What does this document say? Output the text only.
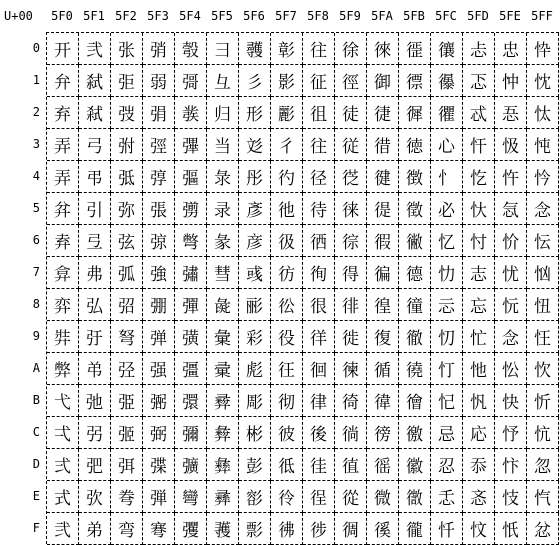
U+00	5F0 5F1 5F2 5F3 5F4 5F5 5F6 5F7 5F8 5F9 5FA 5FB 5FC 5FD 5FE 5FF
0
1
2
3
4
5
6
7
8
9
A
B
C
D
E
F
开 弐 张 弰 彀 彐 彠 彰 往 徐 徠 徰 忀 忐 忠 忰
弁 弑 弡 弱 彁 彑 彡 影 征 徑 御 徱 忁 忑 忡 忱
弃 弒 弢 弲 彂 归 形 彲 徂 徒 徢 徲 忂 忒 忢 忲
弄 弓 弣 弳 彃 当 彣 彳 往 従 徣 徳 心 忓 忣 忳
弄 弔 弤 弴 彄 彔 彤 彴 径 徔 徤 徴 忄 忔 忤 忴
弅 引 弥 張 彅 录 彥 彵 待 徕 徥 徵 必 忕 忥 念
弆 弖 弦 弶 彆 彖 彦 彶 徆 徖 徦 徶 忆 忖 忦 忶
弇 弗 弧 強 彇 彗 彧 彷 徇 得 徧 德 忇 志 忧 忷
弈 弘 弨 弸 彈 彘 彨 彸 很 徘 徨 徸 忈 忘 忨 忸
弉 弙 弩 弹 彉 彙 彩 役 徉 徙 復 徹 忉 忙 念 忹
弊 弚 弪 强 彊 彚 彪 彺 徊 徚 循 徺 忊 忚 忪 忺
弋 弛 弫 弻 彋 彛 彫 彻 律 徛 徫 徻 忋 忛 快 忻
弌 弜 弬 弼 彌 彜 彬 彼 後 徜 徬 徼 忌 応 忬 忼
弍 弝 弭 弽 彍 彝 彭 彽 徍 徝 徭 徽 忍 忝 忭 忽
式 弞 弮 弾 彎 彞 彮 彾 徎 從 微 徾 忎 忞 忮 忾
弐 弟 弯 弿 彏 彟 彯 彿 徏 徟 徯 徿 忏 忟 忯 忿
